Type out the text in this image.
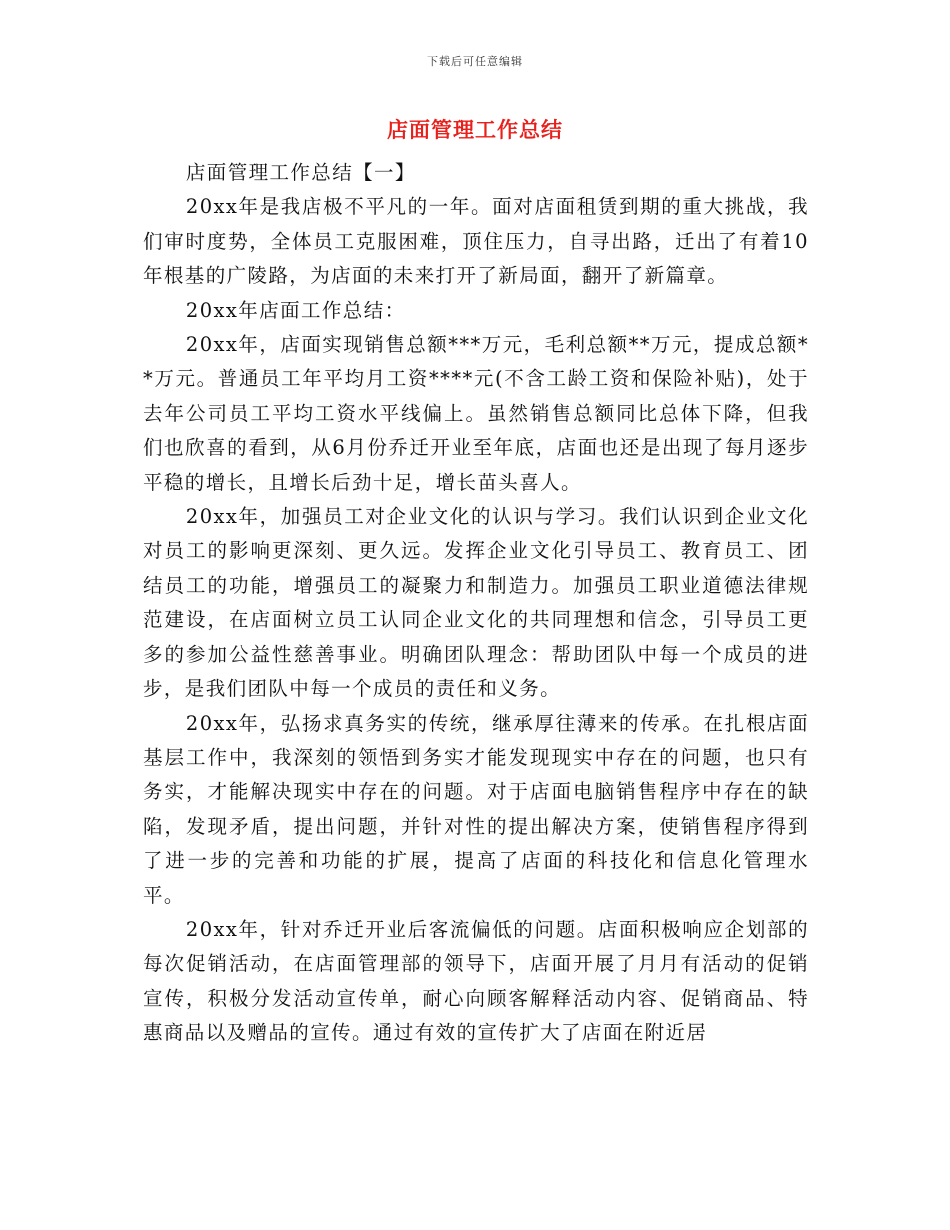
下载后可任意编辑
店面管理工作总结

店面管理工作总结【一】

20xx年是我店极不平凡的一年。面对店面租赁到期的重大挑战，我们审时度势，全体员工克服困难，顶住压力，自寻出路，迁出了有着10年根基的广陵路，为店面的未来打开了新局面，翻开了新篇章。

20xx年店面工作总结：

20xx年，店面实现销售总额***万元，毛利总额**万元，提成总额**万元。普通员工年平均月工资****元(不含工龄工资和保险补贴)，处于去年公司员工平均工资水平线偏上。虽然销售总额同比总体下降，但我们也欣喜的看到，从6月份乔迁开业至年底，店面也还是出现了每月逐步平稳的增长，且增长后劲十足，增长苗头喜人。

20xx年，加强员工对企业文化的认识与学习。我们认识到企业文化对员工的影响更深刻、更久远。发挥企业文化引导员工、教育员工、团结员工的功能，增强员工的凝聚力和制造力。加强员工职业道德法律规范建设，在店面树立员工认同企业文化的共同理想和信念，引导员工更多的参加公益性慈善事业。明确团队理念：帮助团队中每一个成员的进步，是我们团队中每一个成员的责任和义务。

20xx年，弘扬求真务实的传统，继承厚往薄来的传承。在扎根店面基层工作中，我深刻的领悟到务实才能发现现实中存在的问题，也只有务实，才能解决现实中存在的问题。对于店面电脑销售程序中存在的缺陷，发现矛盾，提出问题，并针对性的提出解决方案，使销售程序得到了进一步的完善和功能的扩展，提高了店面的科技化和信息化管理水平。

20xx年，针对乔迁开业后客流偏低的问题。店面积极响应企划部的每次促销活动，在店面管理部的领导下，店面开展了月月有活动的促销宣传，积极分发活动宣传单，耐心向顾客解释活动内容、促销商品、特惠商品以及赠品的宣传。通过有效的宣传扩大了店面在附近居
